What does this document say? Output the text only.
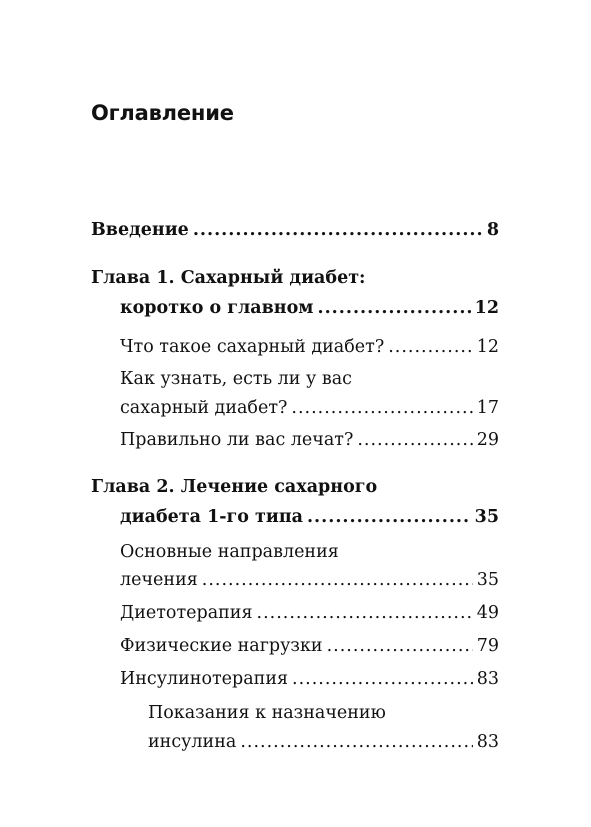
Оглавление
Введение .....	8
Глава 1. Сахарный диабет:
коротко о главном .....	12
Что такое сахарный диабет? .....	12
Как узнать, есть ли у вас
сахарный диабет? .....	17
Правильно ли вас лечат? .....	29
Глава 2. Лечение сахарного
диабета 1-го типа .....	35
Основные направления
лечения .....	35
Диетотерапия .....	49
Физические нагрузки .....	79
Инсулинотерапия .....	83
Показания к назначению
инсулина .....	83
